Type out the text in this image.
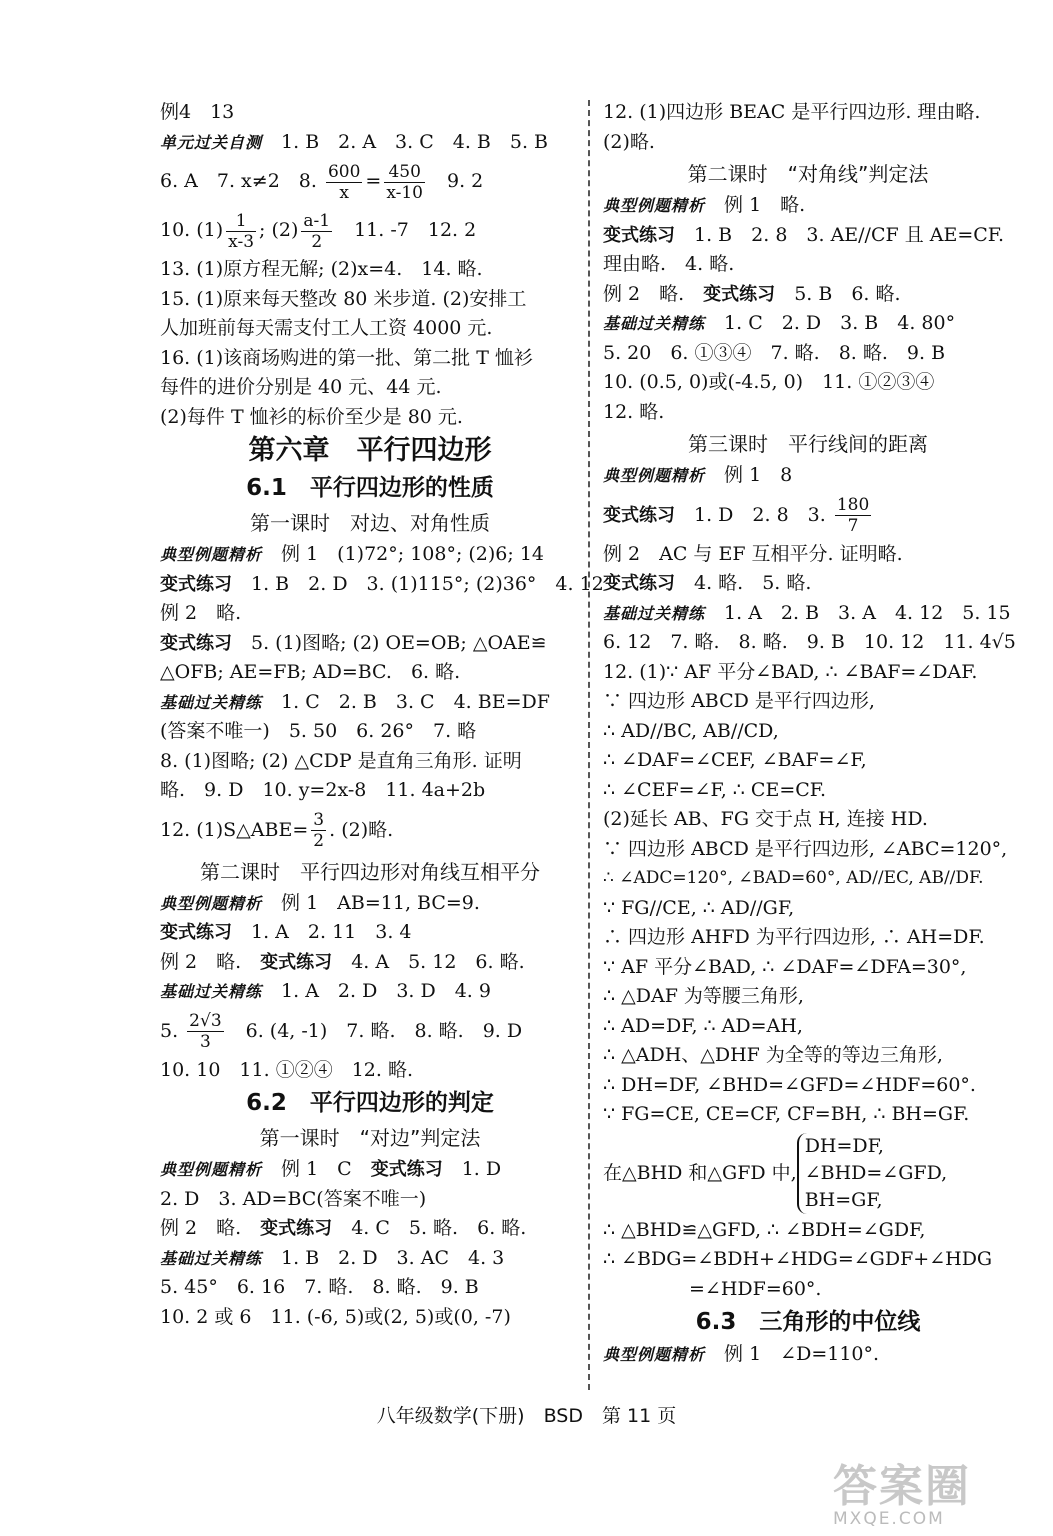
例4　13
单元过关自测　 1. B　2. A　3. C　4. B　5. B
6. A　7. x≠2　8. $\frac{600}{x} = \frac{450}{x-10}$ 　9. 2
10. $(1) \frac{1}{x-3}$ ; $(2) \frac{a-1}{2}$ 　11. -7　12. 2
13. (1)原方程无解; (2)x=4.　14. 略.
15. (1)原来每天整改 80 米步道. (2)安排工
人加班前每天需支付工人工资 4000 元.
16. (1)该商场购进的第一批、第二批 T 恤衫
每件的进价分别是 40 元、44 元.
(2)每件 T 恤衫的标价至少是 80 元.
第六章　平行四边形
6.1　平行四边形的性质
第一课时　对边、对角性质
典型例题精析　 例 1　(1)72°; 108°; (2)6; 14
变式练习　 1. B　2. D　3. (1)115°; (2)36°　4. 12
例 2　略.
变式练习　 5. (1)图略; (2) OE=OB; △OAE≌
△OFB; AE=FB; AD=BC.　6. 略.
基础过关精练　 1. C　2. B　3. C　4. BE=DF
(答案不唯一)　5. 50　6. 26°　7. 略
8. (1)图略; (2) △CDP 是直角三角形. 证明
略.　9. D　10. y=2x-8　11. 4a+2b
12. (1)S△ABE= $\frac{3}{2}$ . (2)略.
第二课时　平行四边形对角线互相平分
典型例题精析　 例 1　AB=11, BC=9.
变式练习　 1. A　2. 11　3. 4
例 2　略.　变式练习　 4. A　5. 12　6. 略.
基础过关精练　 1. A　2. D　3. D　4. 9
5. $\frac{2√3}{3}$ 　6. (4, -1)　7. 略.　8. 略.　9. D
10. 10　11. ①②④　12. 略.
6.2　平行四边形的判定
第一课时　“对边”判定法
典型例题精析　 例 1　C　变式练习　 1. D
2. D　3. AD=BC(答案不唯一)
例 2　略.　变式练习　 4. C　5. 略.　6. 略.
基础过关精练　 1. B　2. D　3. AC　4. 3
5. 45°　6. 16　7. 略.　8. 略.　9. B
10. 2 或 6　11. (-6, 5)或(2, 5)或(0, -7)
12. (1)四边形 BEAC 是平行四边形. 理由略.
(2)略.
第二课时　“对角线”判定法
典型例题精析　 例 1　略.
变式练习　 1. B　2. 8　3. AE//CF 且 AE=CF.
理由略.　4. 略.
例 2　略.　变式练习　 5. B　6. 略.
基础过关精练　 1. C　2. D　3. B　4. 80°
5. 20　6. ①③④　7. 略.　8. 略.　9. B
10. (0.5, 0)或(-4.5, 0)　11. ①②③④
12. 略.
第三课时　平行线间的距离
典型例题精析　 例 1　8
变式练习　 1. D　2. 8　3. $\frac{180}{7}$
例 2　AC 与 EF 互相平分. 证明略.
变式练习　 4. 略.　5. 略.
基础过关精练　 1. A　2. B　3. A　4. 12　5. 15
6. 12　7. 略.　8. 略.　9. B　10. 12　11. 4√5
12. (1)∵ AF 平分∠BAD, ∴ ∠BAF=∠DAF.
∵ 四边形 ABCD 是平行四边形,
∴ AD//BC, AB//CD,
∴ ∠DAF=∠CEF, ∠BAF=∠F,
∴ ∠CEF=∠F, ∴ CE=CF.
(2)延长 AB、FG 交于点 H, 连接 HD.
∵ 四边形 ABCD 是平行四边形, ∠ABC=120°,
∴ ∠ADC=120°, ∠BAD=60°, AD//EC, AB//DF.
∵ FG//CE, ∴ AD//GF,
∴ 四边形 AHFD 为平行四边形, ∴ AH=DF.
∵ AF 平分∠BAD, ∴ ∠DAF=∠DFA=30°,
∴ △DAF 为等腰三角形,
∴ AD=DF, ∴ AD=AH,
∴ △ADH、△DHF 为全等的等边三角形,
∴ DH=DF, ∠BHD=∠GFD=∠HDF=60°.
∵ FG=CE, CE=CF, CF=BH, ∴ BH=GF.
在△BHD 和△GFD 中,
DH=DF,
∠BHD=∠GFD,
BH=GF,
∴ △BHD≌△GFD, ∴ ∠BDH=∠GDF,
∴ ∠BDG=∠BDH+∠HDG=∠GDF+∠HDG
=∠HDF=60°.
6.3　三角形的中位线
典型例题精析　 例 1　∠D=110°.
八年级数学(下册)　BSD　第 11 页
答案圈
MXQE.COM
